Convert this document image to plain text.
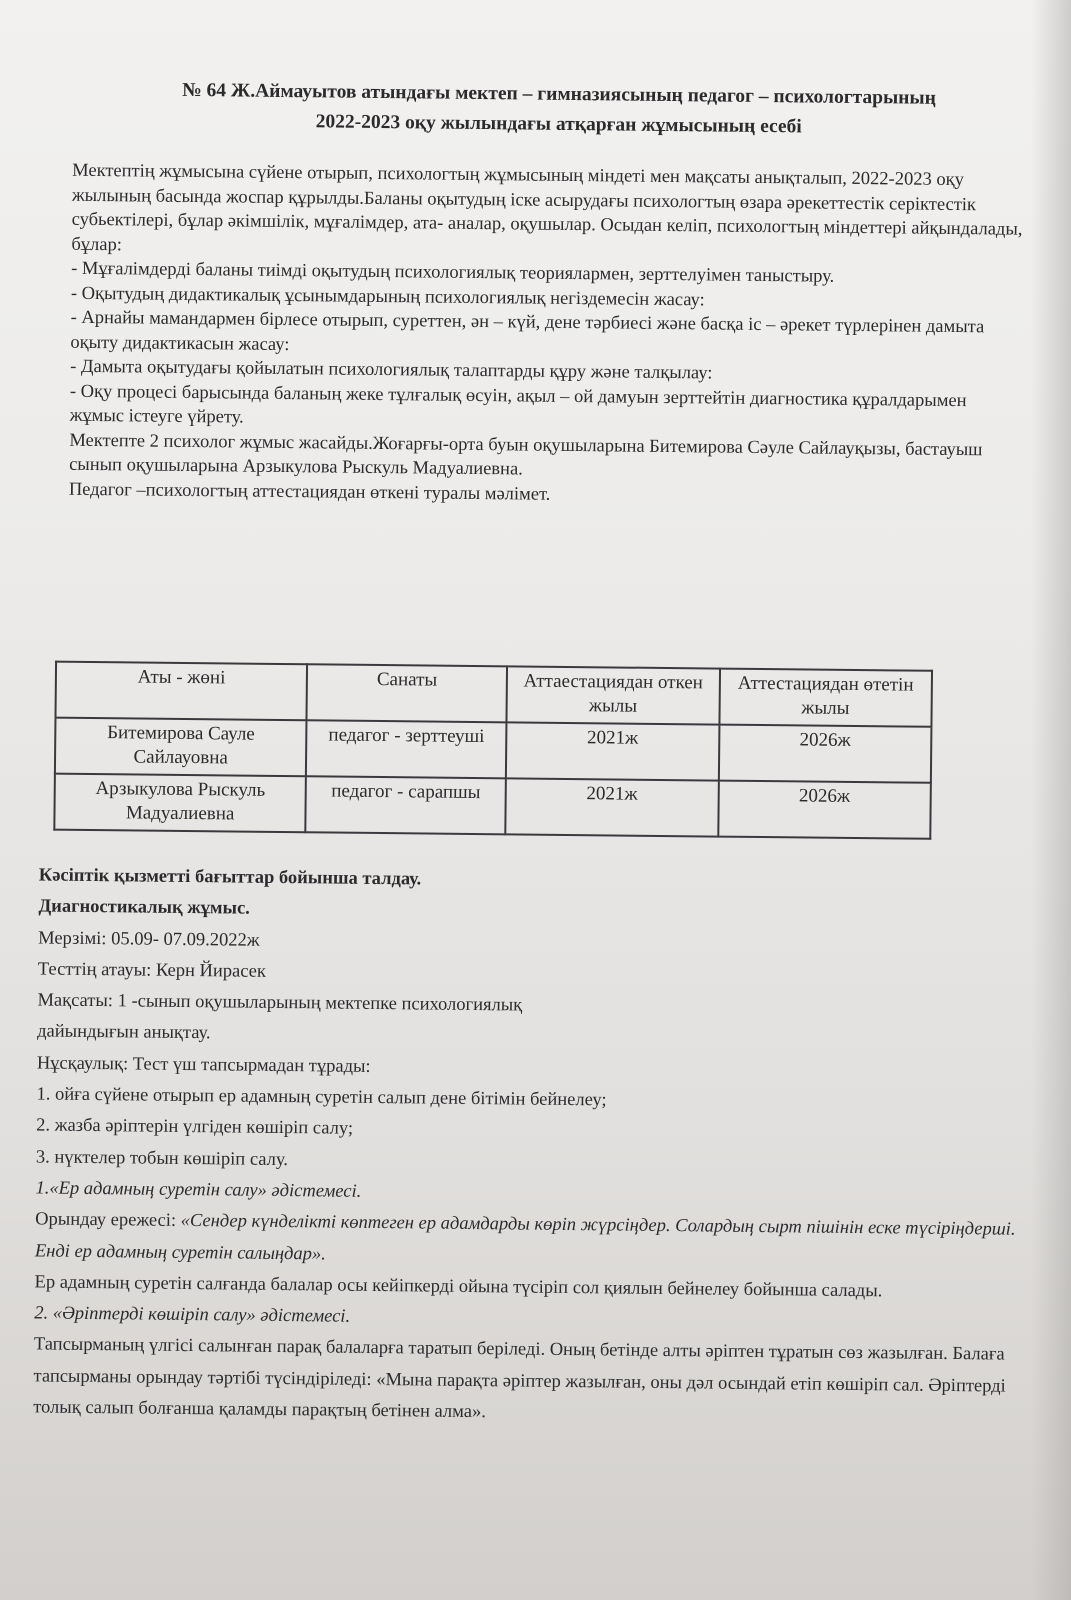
№ 64 Ж.Аймауытов атындағы мектеп – гимназиясының педагог – психологтарының
2022-2023 оқу жылындағы атқарған жұмысының есебі

Мектептің жұмысына сүйене отырып, психологтың жұмысының міндеті мен мақсаты анықталып, 2022-2023 оқу жылының басында жоспар құрылды.Баланы оқытудың іске асырудағы психологтың өзара әрекеттестік серіктестік субьектілері, бұлар әкімшілік, мұғалімдер, ата- аналар, оқушылар. Осыдан келіп, психологтың міндеттері айқындалады, бұлар:

- Мұғалімдерді баланы тиімді оқытудың психологиялық теориялармен, зерттелуімен таныстыру.

- Оқытудың дидактикалық ұсынымдарының психологиялық негіздемесін жасау:

- Арнайы мамандармен бірлесе отырып, суреттен, ән – күй, дене тәрбиесі және басқа іс – әрекет түрлерінен дамыта оқыту дидактикасын жасау:

- Дамыта оқытудағы қойылатын психологиялық талаптарды құру және талқылау:

- Оқу процесі барысында баланың жеке тұлғалық өсуін, ақыл – ой дамуын зерттейтін диагностика құралдарымен жұмыс істеуге үйрету.

Мектепте 2 психолог жұмыс жасайды.Жоғарғы-орта буын оқушыларына Битемирова Сәуле Сайлауқызы, бастауыш сынып оқушыларына Арзыкулова Рыскуль Мадуалиевна.

Педагог –психологтың аттестациядан өткені туралы мәлімет.

Аты - жөні	Санаты	Аттаестациядан откен жылы	Аттестациядан өтетін жылы
Битемирова Сауле Сайлауовна	педагог - зерттеуші	2021ж	2026ж
Арзыкулова Рыскуль Мадуалиевна	педагог - сарапшы	2021ж	2026ж

Кәсіптік қызметті бағыттар бойынша талдау.

Диагностикалық жұмыс.

Мерзімі: 05.09- 07.09.2022ж

Тесттің атауы: Керн Йирасек

Мақсаты: 1 -сынып оқушыларының мектепке психологиялық

дайындығын анықтау.

Нұсқаулық: Тест үш тапсырмадан тұрады:

1. ойға сүйене отырып ер адамның суретін салып дене бітімін бейнелеу;

2. жазба әріптерін үлгіден көшіріп салу;

3. нүктелер тобын көшіріп салу.

1.«Ер адамның суретін салу» әдістемесі.

Орындау ережесі: «Сендер күнделікті көптеген ер адамдарды көріп жүрсіңдер. Солардың сырт пішінін еске түсіріңдерші. Енді ер адамның суретін салыңдар».

Ер адамның суретін салғанда балалар осы кейіпкерді ойына түсіріп сол қиялын бейнелеу бойынша салады.

2. «Әріптерді көшіріп салу» әдістемесі.

Тапсырманың үлгісі салынған парақ балаларға таратып беріледі. Оның бетінде алты әріптен тұратын сөз жазылған. Балаға тапсырманы орындау тәртібі түсіндіріледі: «Мына парақта әріптер жазылған, оны дәл осындай етіп көшіріп сал. Әріптерді толық салып болғанша қаламды парақтың бетінен алма».
